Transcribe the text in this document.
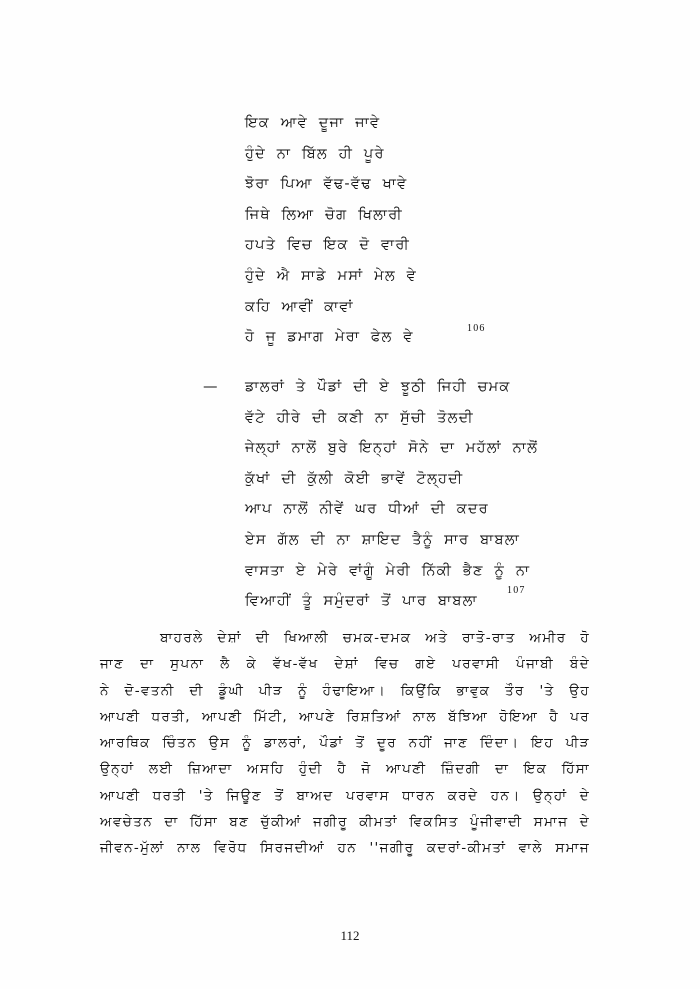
ਇਕ ਆਵੇ ਦੂਜਾ ਜਾਵੇ
ਹੁੰਦੇ ਨਾ ਬਿੱਲ ਹੀ ਪੂਰੇ
ਝੋਰਾ ਪਿਆ ਵੱਢ-ਵੱਢ ਖਾਵੇ
ਜਿਥੇ ਲਿਆ ਚੋਗ ਖਿਲਾਰੀ
ਹਪਤੇ ਵਿਚ ਇਕ ਦੋ ਵਾਰੀ
ਹੁੰਦੇ ਐ ਸਾਡੇ ਮਸਾਂ ਮੇਲ ਵੇ
ਕਹਿ ਆਵੀਂ ਕਾਵਾਂ
ਹੋ ਜੂ ਡਮਾਗ ਮੇਰਾ ਫੇਲ ਵੇ
106
— ਡਾਲਰਾਂ ਤੇ ਪੌਡਾਂ ਦੀ ਏ ਝੂਠੀ ਜਿਹੀ ਚਮਕ
ਵੱਟੇ ਹੀਰੇ ਦੀ ਕਣੀ ਨਾ ਸੁੱਚੀ ਤੋਲਦੀ
ਜੇਲ੍ਹਾਂ ਨਾਲੋਂ ਬੁਰੇ ਇਨ੍ਹਾਂ ਸੋਨੇ ਦਾ ਮਹੱਲਾਂ ਨਾਲੋਂ
ਕੁੱਖਾਂ ਦੀ ਕੁੱਲੀ ਕੋਈ ਭਾਵੇਂ ਟੋਲ੍ਹਦੀ
ਆਪ ਨਾਲੋਂ ਨੀਵੇਂ ਘਰ ਧੀਆਂ ਦੀ ਕਦਰ
ਏਸ ਗੱਲ ਦੀ ਨਾ ਸ਼ਾਇਦ ਤੈਨੂੰ ਸਾਰ ਬਾਬਲਾ
ਵਾਸਤਾ ਏ ਮੇਰੇ ਵਾਂਗੂੰ ਮੇਰੀ ਨਿੱਕੀ ਭੈਣ ਨੂੰ ਨਾ
ਵਿਆਹੀਂ ਤੂੰ ਸਮੁੰਦਰਾਂ ਤੋਂ ਪਾਰ ਬਾਬਲਾ
107
ਬਾਹਰਲੇ ਦੇਸ਼ਾਂ ਦੀ ਖਿਆਲੀ ਚਮਕ-ਦਮਕ ਅਤੇ ਰਾਤੋ-ਰਾਤ ਅਮੀਰ ਹੋ
ਜਾਣ ਦਾ ਸੁਪਨਾ ਲੈ ਕੇ ਵੱਖ-ਵੱਖ ਦੇਸ਼ਾਂ ਵਿਚ ਗਏ ਪਰਵਾਸੀ ਪੰਜਾਬੀ ਬੰਦੇ
ਨੇ ਦੋ-ਵਤਨੀ ਦੀ ਡੂੰਘੀ ਪੀੜ ਨੂੰ ਹੰਢਾਇਆ। ਕਿਉਂਕਿ ਭਾਵੁਕ ਤੌਰ 'ਤੇ ਉਹ
ਆਪਣੀ ਧਰਤੀ, ਆਪਣੀ ਮਿੱਟੀ, ਆਪਣੇ ਰਿਸ਼ਤਿਆਂ ਨਾਲ ਬੱਝਿਆ ਹੋਇਆ ਹੈ ਪਰ
ਆਰਥਿਕ ਚਿੰਤਨ ਉਸ ਨੂੰ ਡਾਲਰਾਂ, ਪੌਡਾਂ ਤੋਂ ਦੂਰ ਨਹੀਂ ਜਾਣ ਦਿੰਦਾ। ਇਹ ਪੀੜ
ਉਨ੍ਹਾਂ ਲਈ ਜ਼ਿਆਦਾ ਅਸਹਿ ਹੁੰਦੀ ਹੈ ਜੋ ਆਪਣੀ ਜ਼ਿੰਦਗੀ ਦਾ ਇਕ ਹਿੱਸਾ
ਆਪਣੀ ਧਰਤੀ 'ਤੇ ਜਿਊਣ ਤੋਂ ਬਾਅਦ ਪਰਵਾਸ ਧਾਰਨ ਕਰਦੇ ਹਨ। ਉਨ੍ਹਾਂ ਦੇ
ਅਵਚੇਤਨ ਦਾ ਹਿੱਸਾ ਬਣ ਚੁੱਕੀਆਂ ਜਗੀਰੂ ਕੀਮਤਾਂ ਵਿਕਸਿਤ ਪੂੰਜੀਵਾਦੀ ਸਮਾਜ ਦੇ
ਜੀਵਨ-ਮੁੱਲਾਂ ਨਾਲ ਵਿਰੋਧ ਸਿਰਜਦੀਆਂ ਹਨ ''ਜਗੀਰੂ ਕਦਰਾਂ-ਕੀਮਤਾਂ ਵਾਲੇ ਸਮਾਜ
112
